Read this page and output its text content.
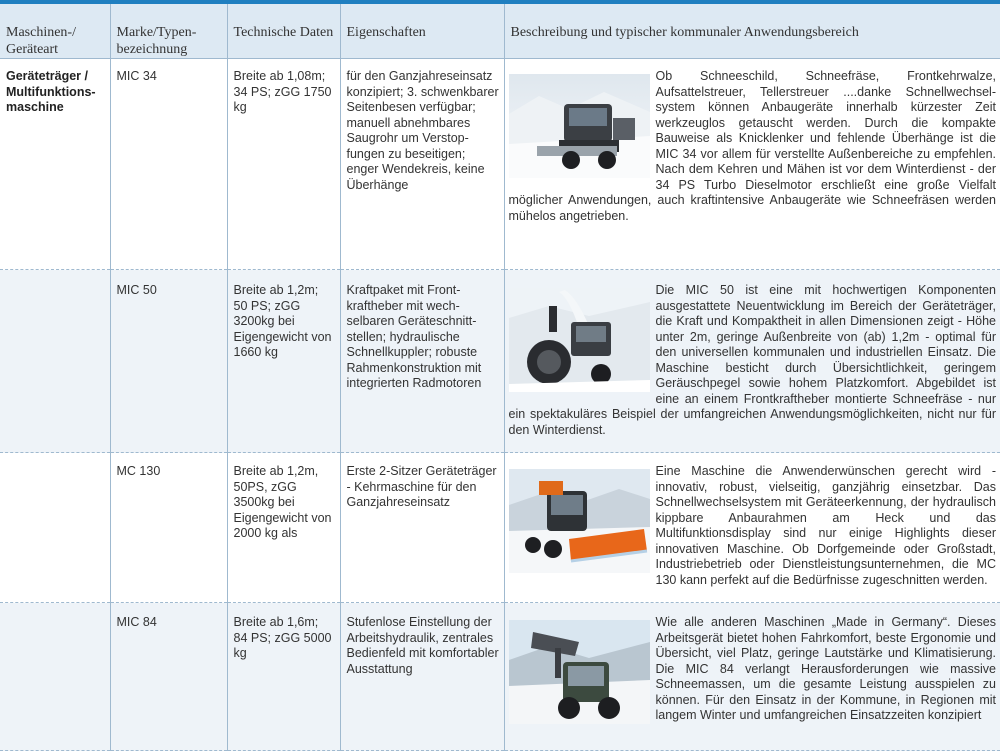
Maschinen-/ Geräteart	Marke/Typenbezeichnung	Technische Daten	Eigenschaften	Beschreibung und typischer kommunaler Anwendungsbereich
Geräteträger / Multifunktionsmaschine	MIC 34	Breite ab 1,08m; 34 PS; zGG 1750 kg	für den Ganzjahreseinsatz konzipiert; 3. schwenkbarer Seitenbesen verfügbar; manuell abnehmbares Saugrohr um Verstopfungen zu beseitigen; enger Wendekreis, keine Überhänge	Ob Schneeschild, Schneefräse, Frontkehrwalze, Aufsattelstreuer, Tellerstreuer ....danke Schnellwechselsystem können Anbaugeräte innerhalb kürzester Zeit werkzeuglos getauscht werden. Durch die kompakte Bauweise als Knicklenker und fehlende Überhänge ist die MIC 34 vor allem für verstellte Außenbereiche zu empfehlen. Nach dem Kehren und Mähen ist vor dem Winterdienst - der 34 PS Turbo Dieselmotor erschließt eine große Vielfalt möglicher Anwendungen, auch kraftintensive Anbaugeräte wie Schneefräsen werden mühelos angetrieben.

	MIC 50	Breite ab 1,2m; 50 PS; zGG 3200kg bei Eigengewicht von 1660 kg	Kraftpaket mit Frontkraftheber mit wechselbaren Geräteschnittstellen; hydraulische Schnellkuppler; robuste Rahmenkonstruktion mit integrierten Radmotoren	Die MIC 50 ist eine mit hochwertigen Komponenten ausgestattete Neuentwicklung im Bereich der Geräteträger, die Kraft und Kompaktheit in allen Dimensionen zeigt - Höhe unter 2m, geringe Außenbreite von (ab) 1,2m - optimal für den universellen kommunalen und industriellen Einsatz. Die Maschine besticht durch Übersichtlichkeit, geringem Geräuschpegel sowie hohem Platzkomfort. Abgebildet ist eine an einem Frontkraftheber montierte Schneefräse - nur ein spektakuläres Beispiel der umfangreichen Anwendungsmöglichkeiten, nicht nur für den Winterdienst.

	MC 130	Breite ab 1,2m, 50PS, zGG 3500kg bei Eigengewicht von 2000 kg als	Erste 2-Sitzer Geräteträger - Kehrmaschine für den Ganzjahreseinsatz	Eine Maschine die Anwenderwünschen gerecht wird - innovativ, robust, vielseitig, ganzjährig einsetzbar. Das Schnellwechselsystem mit Geräteerkennung, der hydraulisch kippbare Anbaurahmen am Heck und das Multifunktionsdisplay sind nur einige Highlights dieser innovativen Maschine. Ob Dorfgemeinde oder Großstadt, Industriebetrieb oder Dienstleistungsunternehmen, die MC 130 kann perfekt auf die Bedürfnisse zugeschnitten werden.

	MIC 84	Breite ab 1,6m; 84 PS; zGG 5000 kg	Stufenlose Einstellung der Arbeitshydraulik, zentrales Bedienfeld mit komfortabler Ausstattung	Wie alle anderen Maschinen „Made in Germany“. Dieses Arbeitsgerät bietet hohen Fahrkomfort, beste Ergonomie und Übersicht, viel Platz, geringe Lautstärke und Klimatisierung. Die MIC 84 verlangt Herausforderungen wie massive Schneemassen, um die gesamte Leistung ausspielen zu können. Für den Einsatz in der Kommune, in Regionen mit langem Winter und umfangreichen Einsatzzeiten konzipiert
